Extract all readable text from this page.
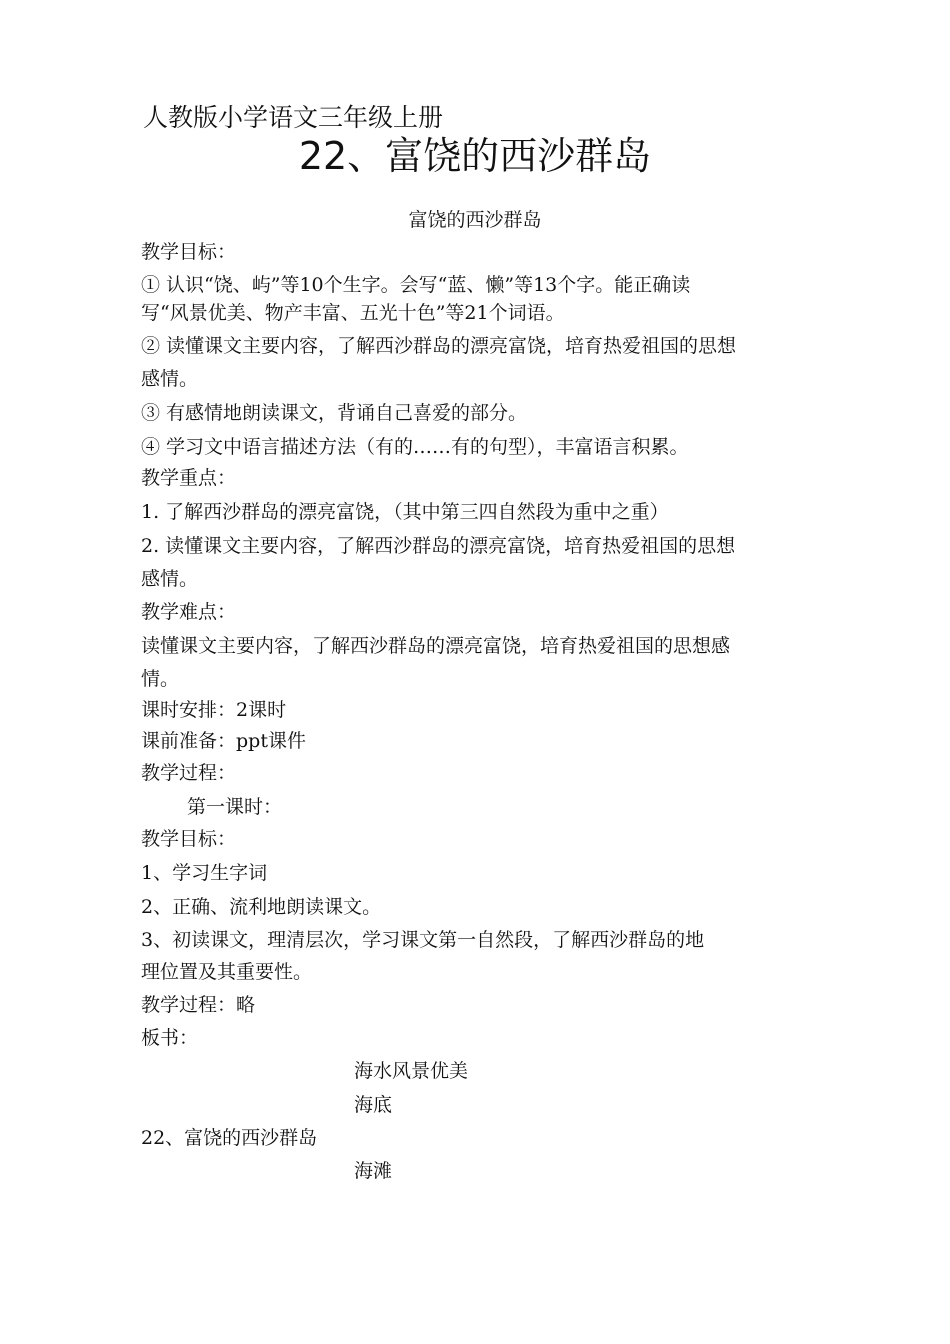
人教版小学语文三年级上册
22、富饶的西沙群岛
富饶的西沙群岛
教学目标：
① 认识“饶、屿”等10个生字。会写“蓝、懒”等13个字。能正确读
写“风景优美、物产丰富、五光十色”等21个词语。
② 读懂课文主要内容，了解西沙群岛的漂亮富饶，培育热爱祖国的思想
感情。
③ 有感情地朗读课文，背诵自己喜爱的部分。
④ 学习文中语言描述方法（有的……有的句型），丰富语言积累。
教学重点：
1. 了解西沙群岛的漂亮富饶，（其中第三四自然段为重中之重）
2. 读懂课文主要内容，了解西沙群岛的漂亮富饶，培育热爱祖国的思想
感情。
教学难点：
读懂课文主要内容，了解西沙群岛的漂亮富饶，培育热爱祖国的思想感
情。
课时安排：2课时
课前准备：ppt课件
教学过程：
第一课时：
教学目标：
1、学习生字词
2、正确、流利地朗读课文。
3、初读课文，理清层次，学习课文第一自然段，了解西沙群岛的地
理位置及其重要性。
教学过程：略
板书：
海水风景优美
海底
22、富饶的西沙群岛
海滩
